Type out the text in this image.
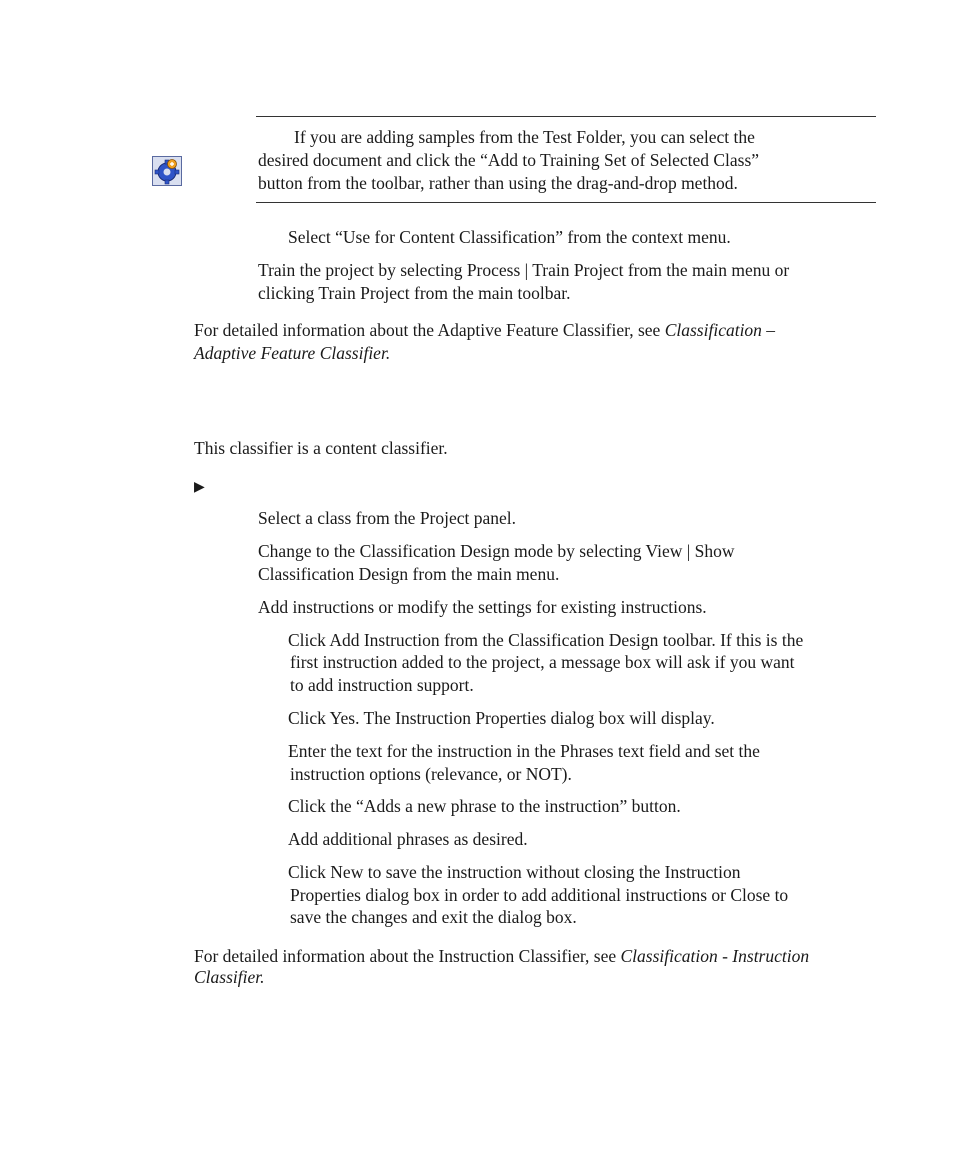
If you are adding samples from the Test Folder, you can select the

desired document and click the “Add to Training Set of Selected Class”

button from the toolbar, rather than using the drag-and-drop method.

Select “Use for Content Classification” from the context menu.

Train the project by selecting Process | Train Project from the main menu or

clicking Train Project from the main toolbar.

For detailed information about the Adaptive Feature Classifier, see Classification –

Adaptive Feature Classifier.

This classifier is a content classifier.

▶

Select a class from the Project panel.

Change to the Classification Design mode by selecting View | Show

Classification Design from the main menu.

Add instructions or modify the settings for existing instructions.

Click Add Instruction from the Classification Design toolbar. If this is the

first instruction added to the project, a message box will ask if you want

to add instruction support.

Click Yes. The Instruction Properties dialog box will display.

Enter the text for the instruction in the Phrases text field and set the

instruction options (relevance, or NOT).

Click the “Adds a new phrase to the instruction” button.

Add additional phrases as desired.

Click New to save the instruction without closing the Instruction

Properties dialog box in order to add additional instructions or Close to

save the changes and exit the dialog box.

For detailed information about the Instruction Classifier, see Classification - Instruction

Classifier.
